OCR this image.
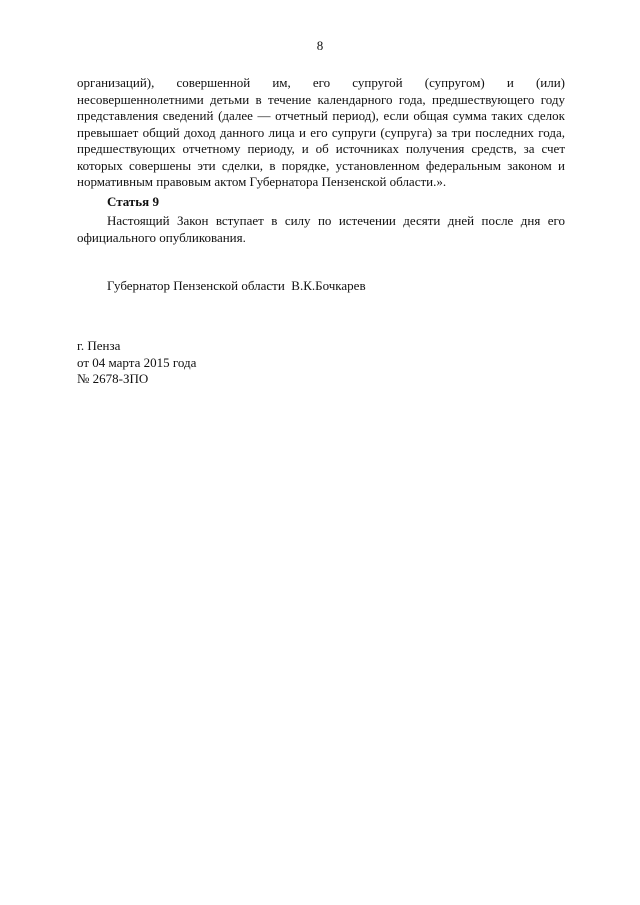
8
организаций), совершенной им, его супругой (супругом) и (или)
несовершеннолетними детьми в течение календарного года, предшествующего году представления сведений (далее — отчетный период), если общая сумма таких сделок превышает общий доход данного лица и его супруги (супруга) за три последних года, предшествующих отчетному периоду, и об источниках получения средств, за счет которых совершены эти сделки, в порядке, установленном федеральным законом и нормативным правовым актом Губернатора Пензенской области.».
Статья 9
Настоящий Закон вступает в силу по истечении десяти дней после дня его официального опубликования.
Губернатор Пензенской области  В.К.Бочкарев
г. Пенза
от 04 марта 2015 года
№ 2678-ЗПО
